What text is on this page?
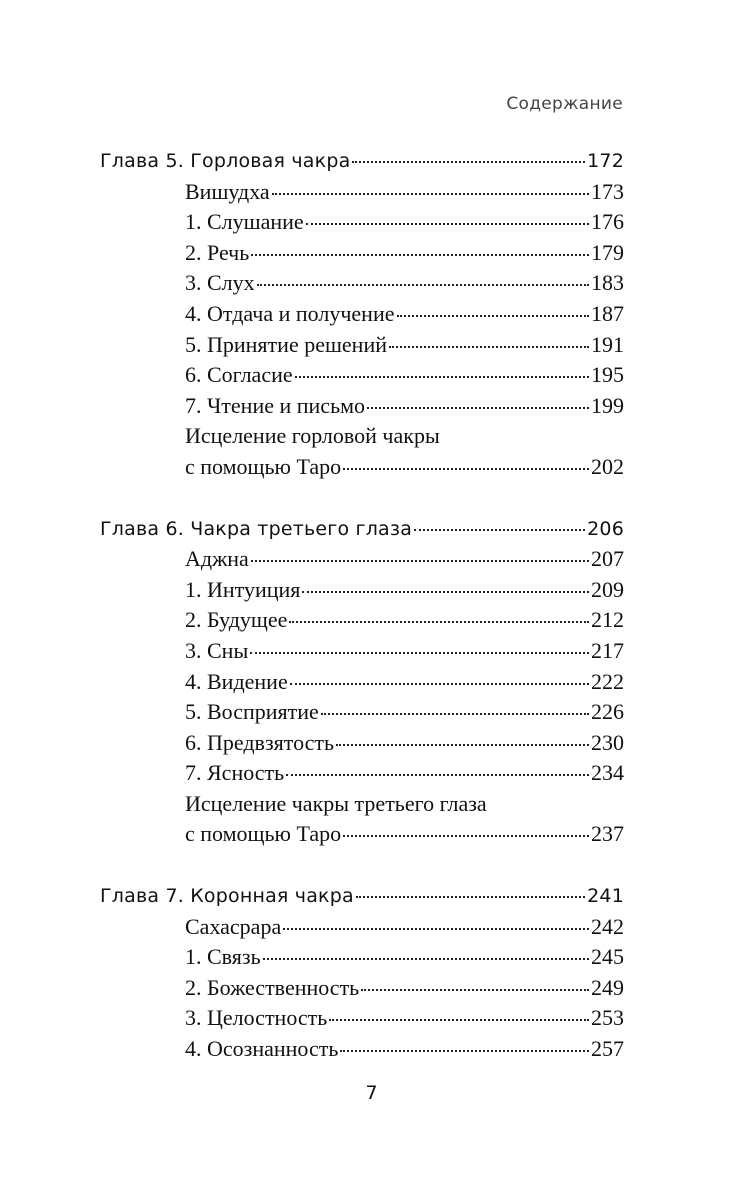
Содержание
Глава 5. Горловая чакра	172
Вишудха	173
1. Слушание	176
2. Речь	179
3. Слух	183
4. Отдача и получение	187
5. Принятие решений	191
6. Согласие	195
7. Чтение и письмо	199
Исцеление горловой чакры
с помощью Таро	202
Глава 6. Чакра третьего глаза	206
Аджна	207
1. Интуиция	209
2. Будущее	212
3. Сны	217
4. Видение	222
5. Восприятие	226
6. Предвзятость	230
7. Ясность	234
Исцеление чакры третьего глаза
с помощью Таро	237
Глава 7. Коронная чакра	241
Сахасрара	242
1. Связь	245
2. Божественность	249
3. Целостность	253
4. Осознанность	257
7
